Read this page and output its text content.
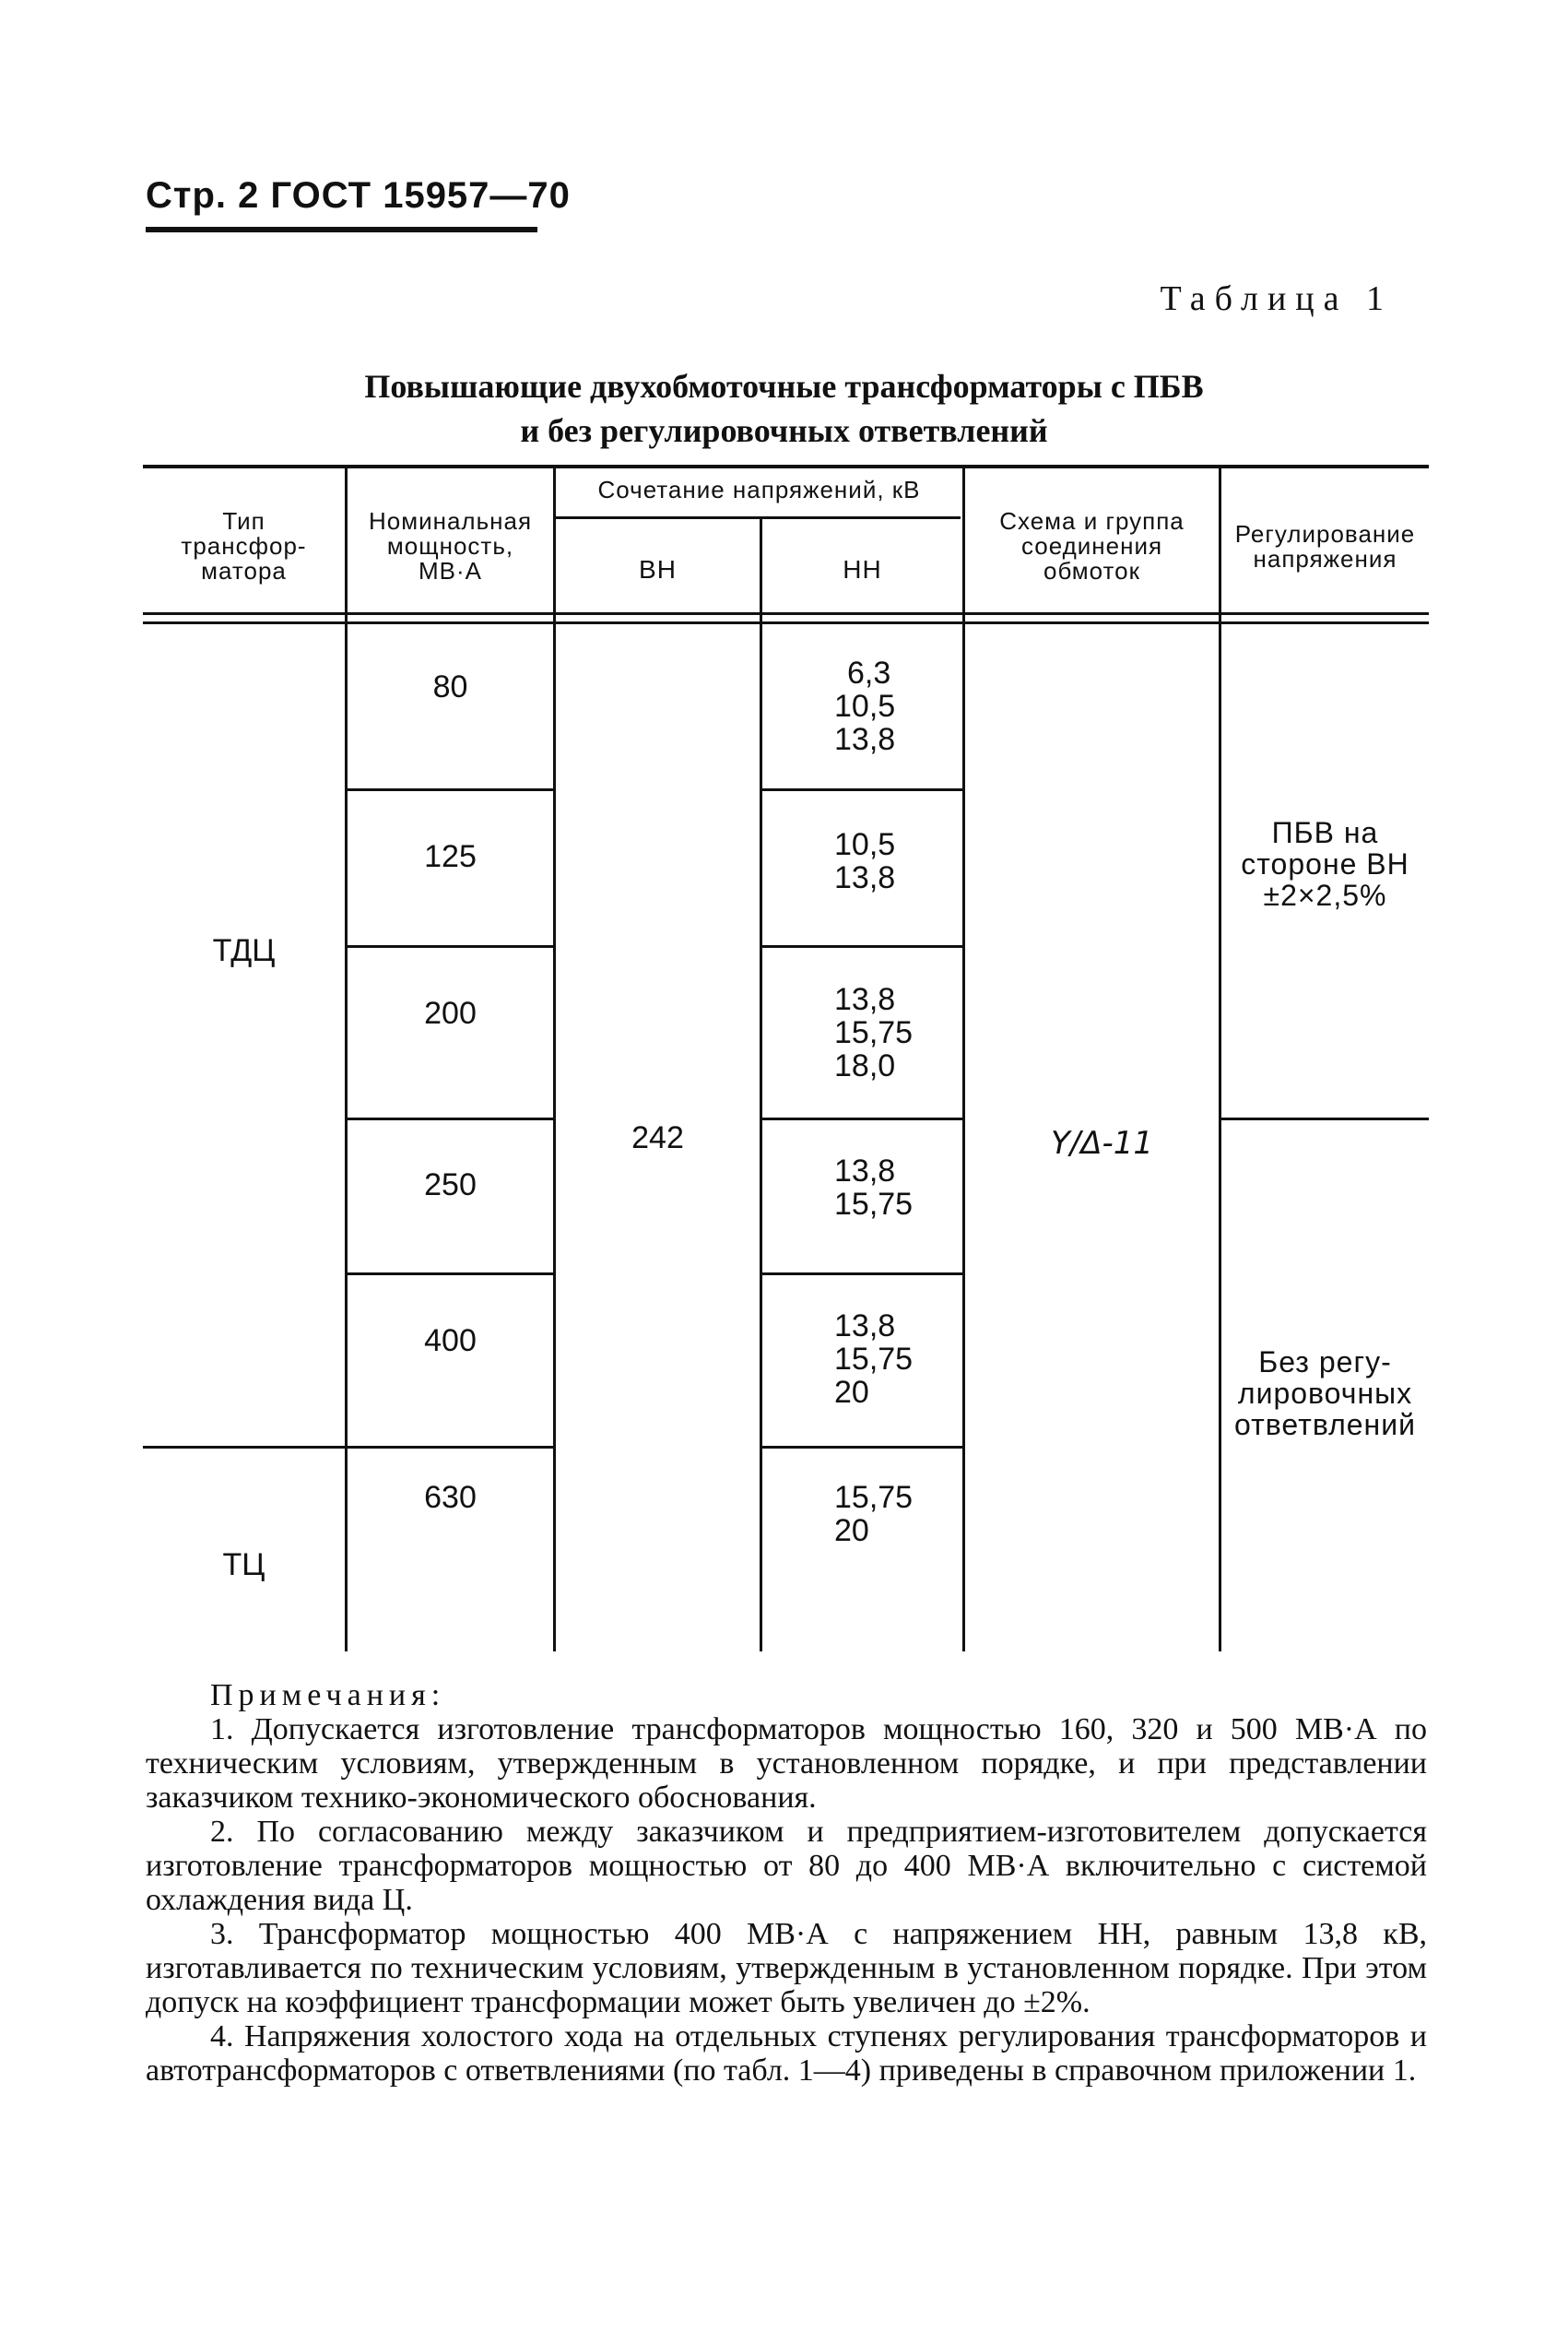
Стр. 2 ГОСТ 15957—70
Таблица 1
Повышающие двухобмоточные трансформаторы с ПБВ
и без регулировочных ответвлений
Тип
трансфор-
матора
Номинальная
мощность,
МВ·А
Сочетание напряжений, кВ
ВН	НН
Схема и группа
соединения
обмоток
Регулирование
напряжения
ТДЦ
ТЦ
80
125
200
250
400
630
242
6,3
10,5
13,8
10,5
13,8
13,8
15,75
18,0
13,8
15,75
13,8
15,75
20
15,75
20
Y/Δ-11
ПБВ на
стороне ВН
±2×2,5%
Без регу-
лировочных
ответвлений
Примечания:

1. Допускается изготовление трансформаторов мощностью 160, 320 и 500 МВ·А по техническим условиям, утвержденным в установленном порядке, и при представлении заказчиком технико-экономического обоснования.

2. По согласованию между заказчиком и предприятием-изготовителем допускается изготовление трансформаторов мощностью от 80 до 400 МВ·А включительно с системой охлаждения вида Ц.

3. Трансформатор мощностью 400 МВ·А с напряжением НН, равным 13,8 кВ, изготавливается по техническим условиям, утвержденным в установленном порядке. При этом допуск на коэффициент трансформации может быть увеличен до ±2%.

4. Напряжения холостого хода на отдельных ступенях регулирования трансформаторов и автотрансформаторов с ответвлениями (по табл. 1—4) приведены в справочном приложении 1.
